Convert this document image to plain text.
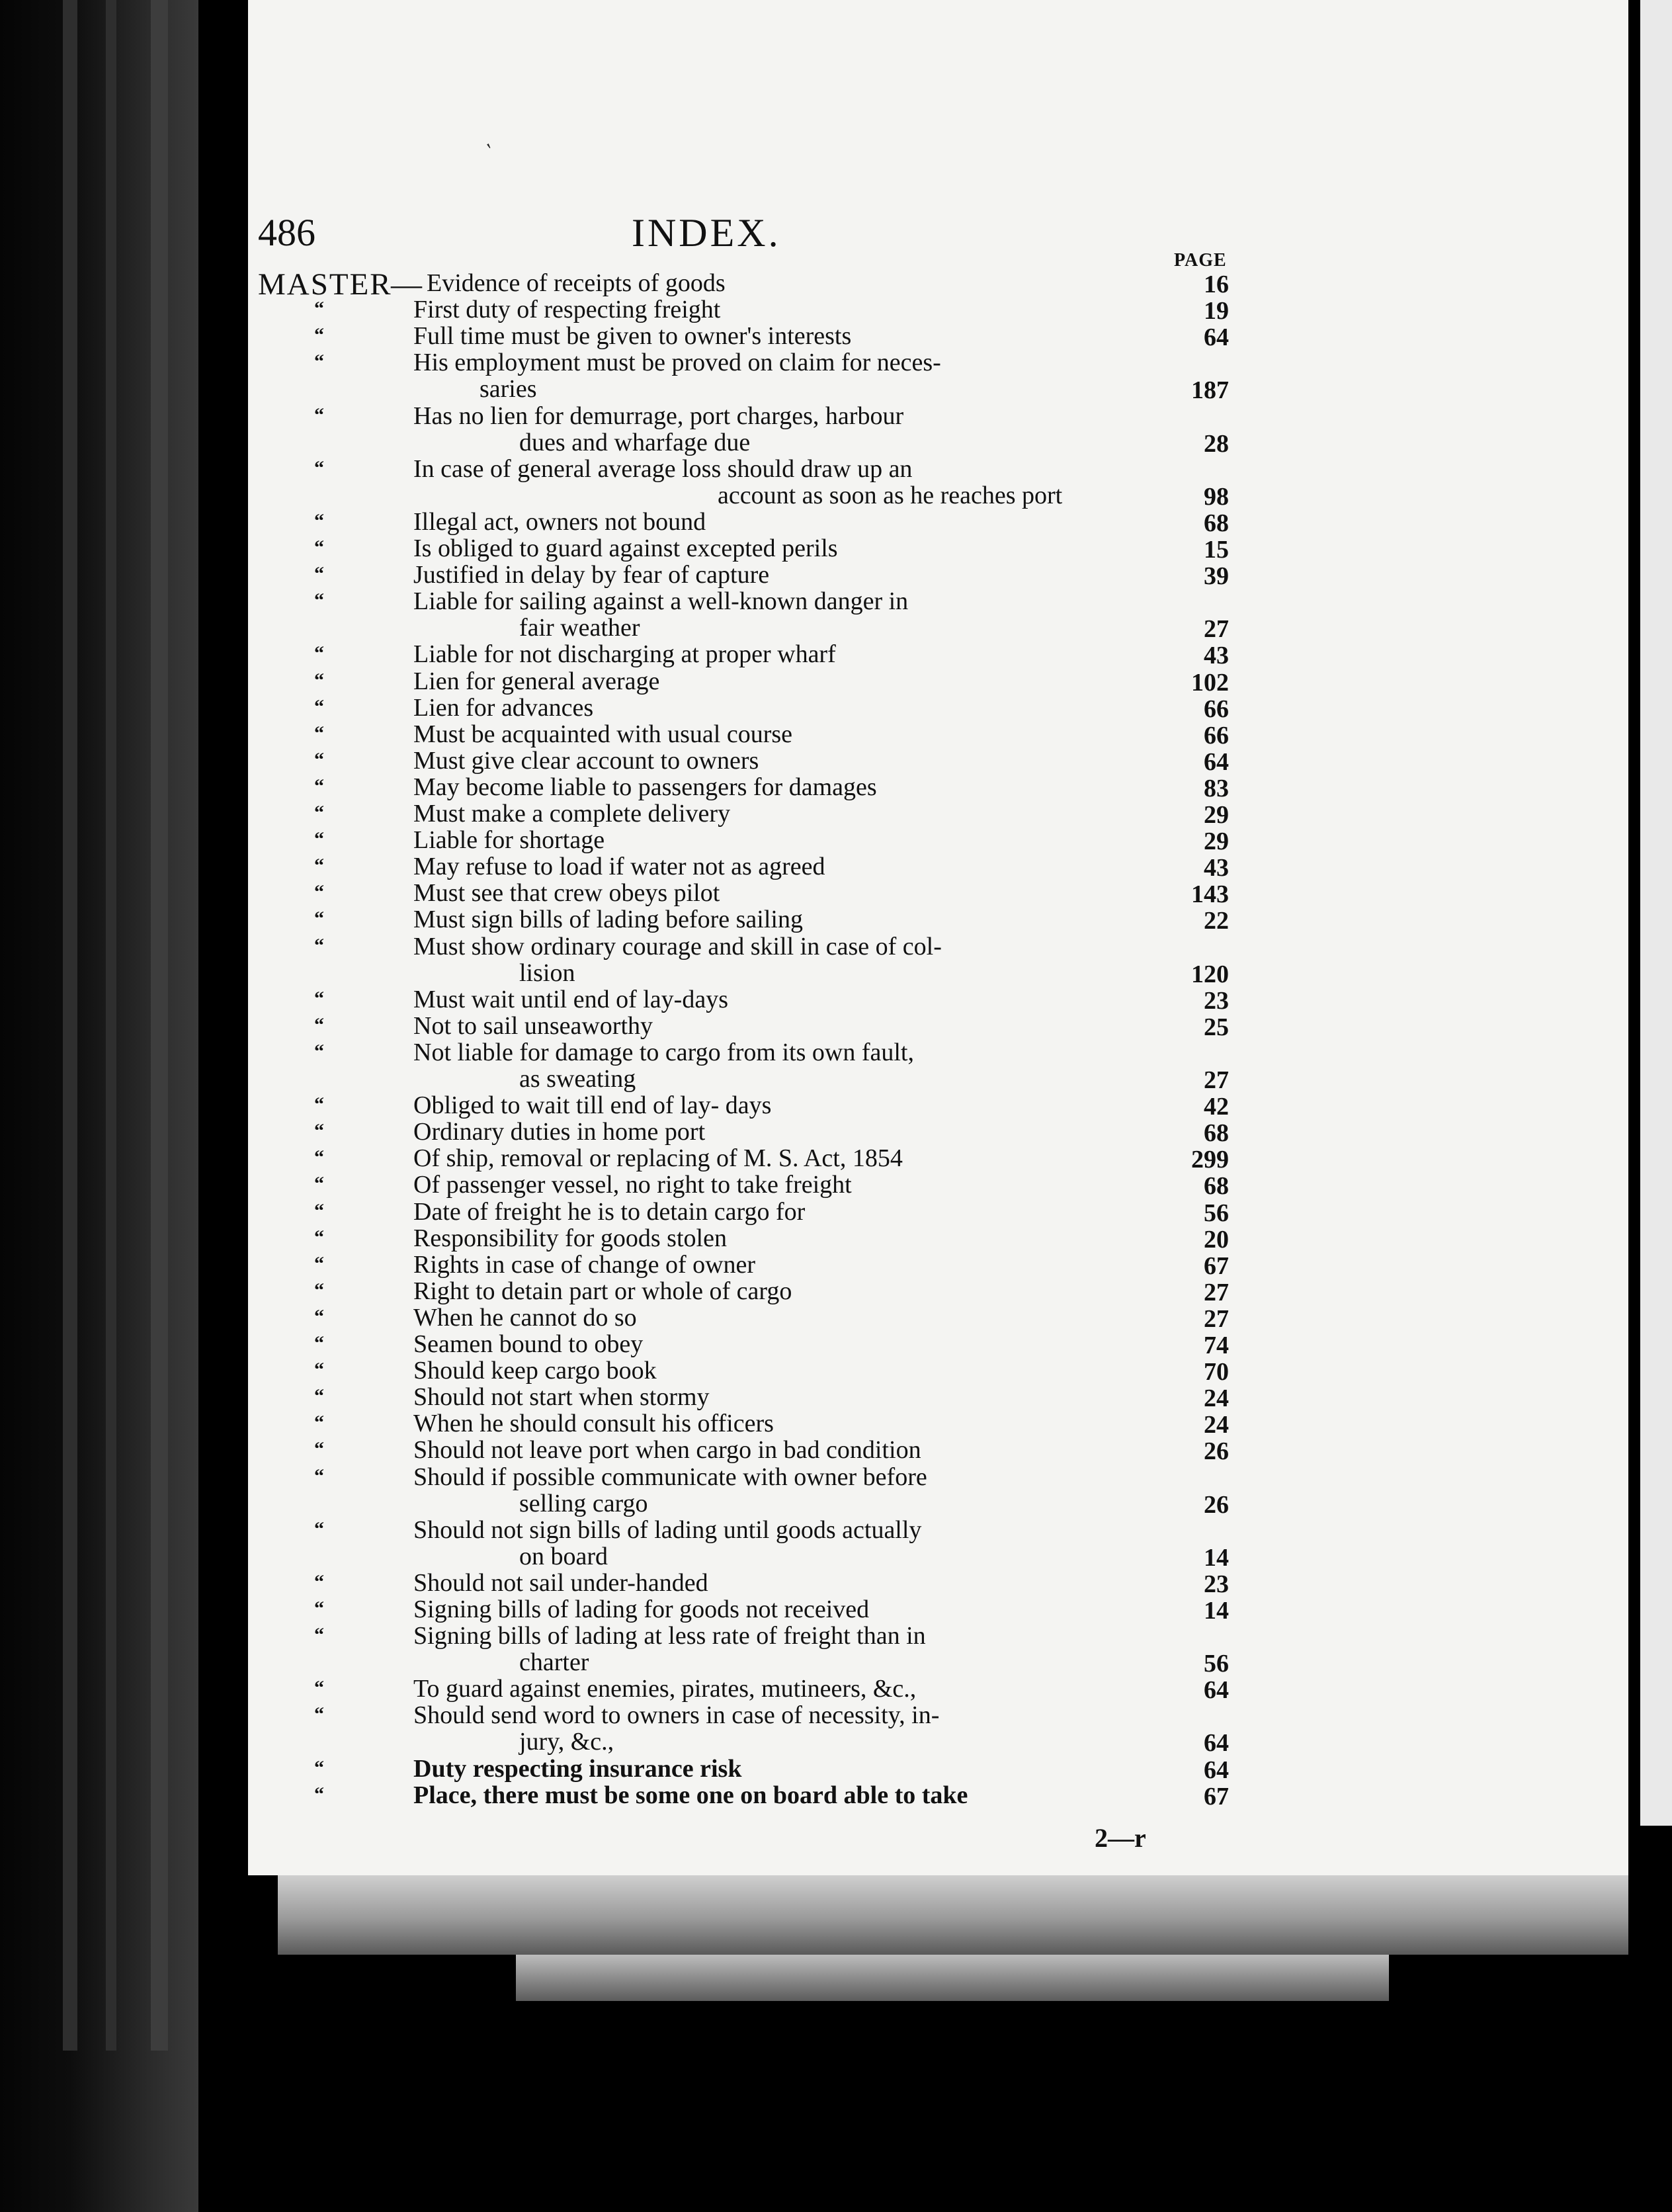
'
486	INDEX.
PAGE
MASTER
— Evidence of receipts of goods	16
“	First duty of respecting freight	19
“	Full time must be given to owner's interests	64
“	His employment must be proved on claim for neces-
saries	187
“	Has no lien for demurrage, port charges, harbour
dues and wharfage due	28
“	In case of general average loss should draw up an
account as soon as he reaches port	98
“	Illegal act, owners not bound	68
“	Is obliged to guard against excepted perils	15
“	Justified in delay by fear of capture	39
“	Liable for sailing against a well-known danger in
fair weather	27
“	Liable for not discharging at proper wharf	43
“	Lien for general average	102
“	Lien for advances	66
“	Must be acquainted with usual course	66
“	Must give clear account to owners	64
“	May become liable to passengers for damages	83
“	Must make a complete delivery	29
“	Liable for shortage	29
“	May refuse to load if water not as agreed	43
“	Must see that crew obeys pilot	143
“	Must sign bills of lading before sailing	22
“	Must show ordinary courage and skill in case of col-
lision	120
“	Must wait until end of lay-days	23
“	Not to sail unseaworthy	25
“	Not liable for damage to cargo from its own fault,
as sweating	27
“	Obliged to wait till end of lay- days	42
“	Ordinary duties in home port	68
“	Of ship, removal or replacing of M. S. Act, 1854	299
“	Of passenger vessel, no right to take freight	68
“	Date of freight he is to detain cargo for	56
“	Responsibility for goods stolen	20
“	Rights in case of change of owner	67
“	Right to detain part or whole of cargo	27
“	When he cannot do so	27
“	Seamen bound to obey	74
“	Should keep cargo book	70
“	Should not start when stormy	24
“	When he should consult his officers	24
“	Should not leave port when cargo in bad condition	26
“	Should if possible communicate with owner before
selling cargo	26
“	Should not sign bills of lading until goods actually
on board	14
“	Should not sail under-handed	23
“	Signing bills of lading for goods not received	14
“	Signing bills of lading at less rate of freight than in
charter	56
“	To guard against enemies, pirates, mutineers, &c.,	64
“	Should send word to owners in case of necessity, in-
jury, &c.,	64
“	Duty respecting insurance risk	64
“	Place, there must be some one on board able to take	67
2—r
